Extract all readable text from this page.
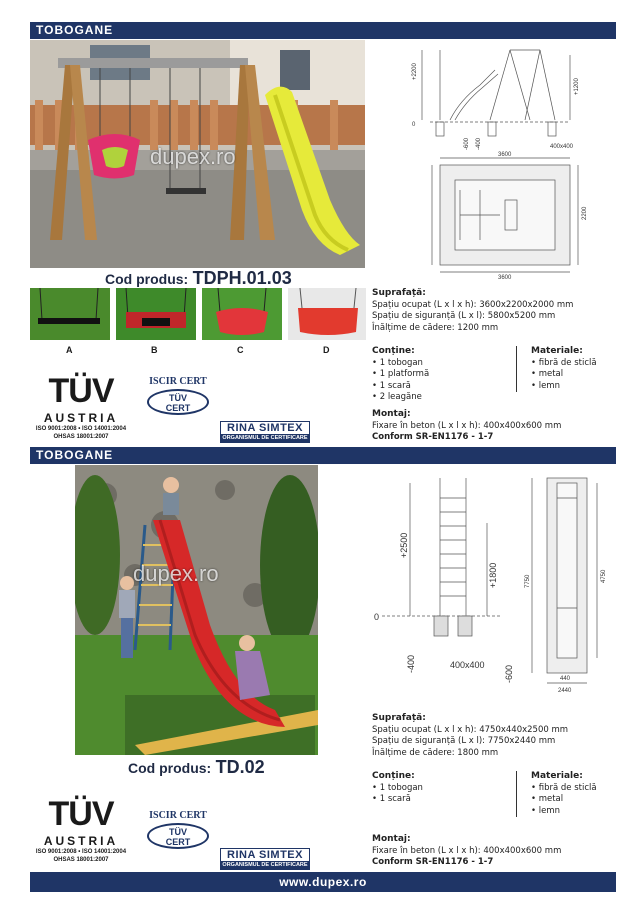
TOBOGANE
dupex.ro
+2200
+1200
0
-600 -400	400x400
3600
3600
2200
Cod produs: TDPH.01.03
A	B	C	D
TÜV
AUSTRIA
ISO 9001:2008 • ISO 14001:2004
OHSAS 18001:2007
ISCIR CERT
TÜV
CERT
RINA SIMTEX
ORGANISMUL DE CERTIFICARE
Suprafață:
Spațiu ocupat (L x l x h): 3600x2200x2000 mm
Spațiu de siguranță (L x l): 5800x5200 mm
Înălțime de cădere: 1200 mm
Conține:
• 1 tobogan
• 1 platformă
• 1 scară
• 2 leagăne
Materiale:
• fibră de sticlă
• metal
• lemn
Montaj:
Fixare în beton (L x l x h): 400x400x600 mm
Conform SR-EN1176 - 1-7
TOBOGANE
dupex.ro
+2500
+1800
0
-400	400x400 -600
7750	4750
440
2440
Cod produs: TD.02
TÜV
AUSTRIA
ISO 9001:2008 • ISO 14001:2004
OHSAS 18001:2007
ISCIR CERT
TÜV
CERT
RINA SIMTEX
ORGANISMUL DE CERTIFICARE
Suprafață:
Spațiu ocupat (L x l x h): 4750x440x2500 mm
Spațiu de siguranță (L x l): 7750x2440 mm
Înălțime de cădere: 1800 mm
Conține:
• 1 tobogan
• 1 scară
Materiale:
• fibră de sticlă
• metal
• lemn
Montaj:
Fixare în beton (L x l x h): 400x400x600 mm
Conform SR-EN1176 - 1-7
www.dupex.ro
